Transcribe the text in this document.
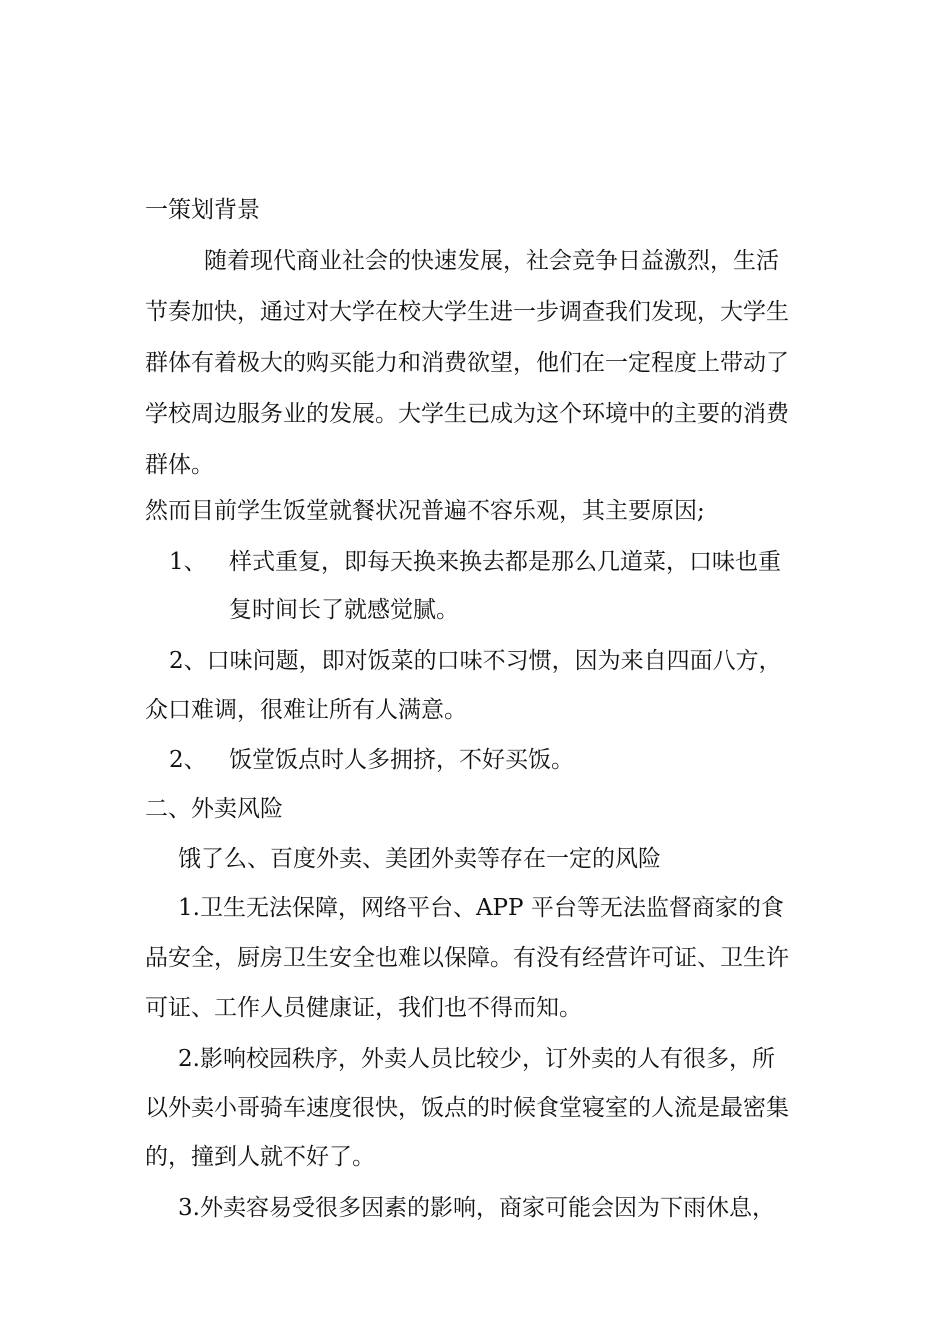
一策划背景

随着现代商业社会的快速发展，社会竞争日益激烈，生活

节奏加快，通过对大学在校大学生进一步调查我们发现，大学生

群体有着极大的购买能力和消费欲望，他们在一定程度上带动了

学校周边服务业的发展。大学生已成为这个环境中的主要的消费

群体。

然而目前学生饭堂就餐状况普遍不容乐观，其主要原因;

1、 样式重复，即每天换来换去都是那么几道菜，口味也重

复时间长了就感觉腻。

2、口味问题，即对饭菜的口味不习惯，因为来自四面八方，

众口难调，很难让所有人满意。

2、 饭堂饭点时人多拥挤，不好买饭。

二、外卖风险

饿了么、百度外卖、美团外卖等存在一定的风险

1.卫生无法保障，网络平台、APP 平台等无法监督商家的食

品安全，厨房卫生安全也难以保障。有没有经营许可证、卫生许

可证、工作人员健康证，我们也不得而知。

2.影响校园秩序，外卖人员比较少，订外卖的人有很多，所

以外卖小哥骑车速度很快，饭点的时候食堂寝室的人流是最密集

的，撞到人就不好了。

3.外卖容易受很多因素的影响，商家可能会因为下雨休息，
